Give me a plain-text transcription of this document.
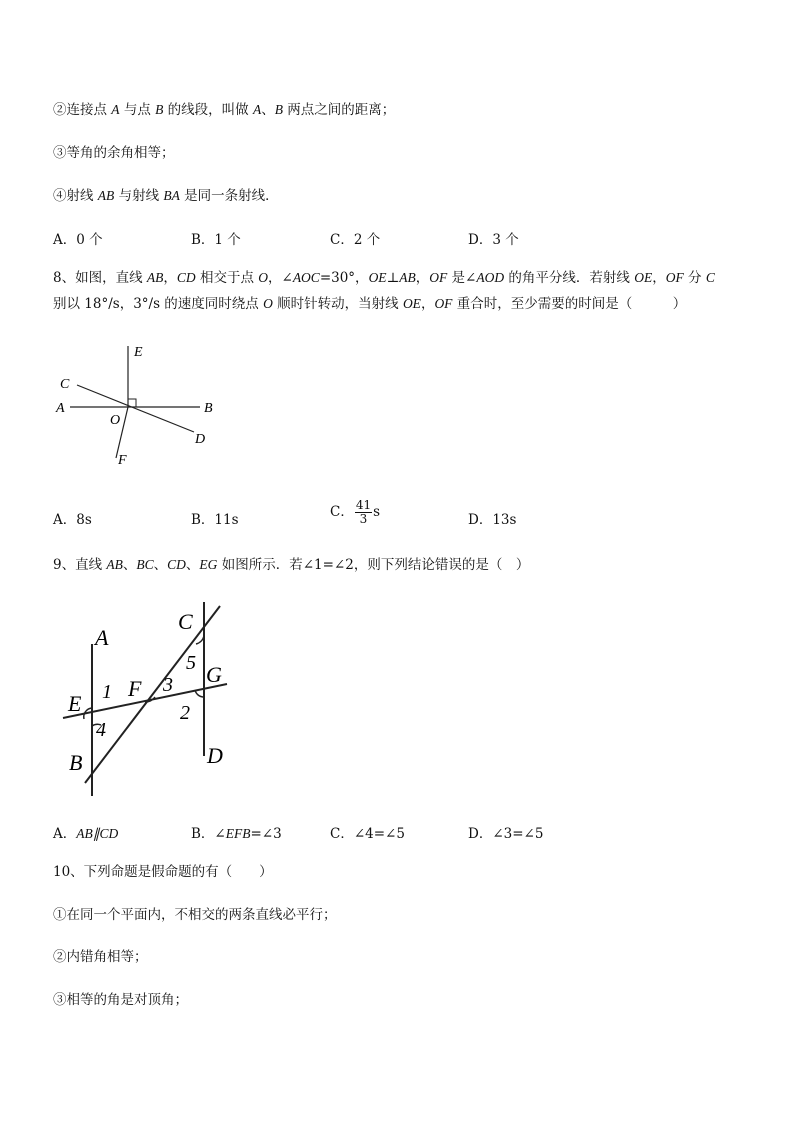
②连接点 A 与点 B 的线段，叫做 A、B 两点之间的距离；
③等角的余角相等；
④射线 AB 与射线 BA 是同一条射线．
A．0 个	B．1 个	C．2 个	D．3 个
8、如图，直线 AB，CD 相交于点 O，∠AOC=30°，OE⊥AB，OF 是∠AOD 的角平分线．若射线 OE，OF 分 C
别以 18°/s，3°/s 的速度同时绕点 O 顺时针转动，当射线 OE，OF 重合时，至少需要的时间是（　　　）
E
C
A
O
B
D
F
A．8s	B．11s	C． $\frac{41}{3}$ s	D．13s
9、直线 AB、BC、CD、EG 如图所示．若∠1=∠2，则下列结论错误的是（　）
A
C
E
F
G
B	D
1	3
5
2
4
A．AB∥CD	B．∠EFB=∠3	C．∠4=∠5	D．∠3=∠5
10、下列命题是假命题的有（　　）
①在同一个平面内，不相交的两条直线必平行；
②内错角相等；
③相等的角是对顶角；
